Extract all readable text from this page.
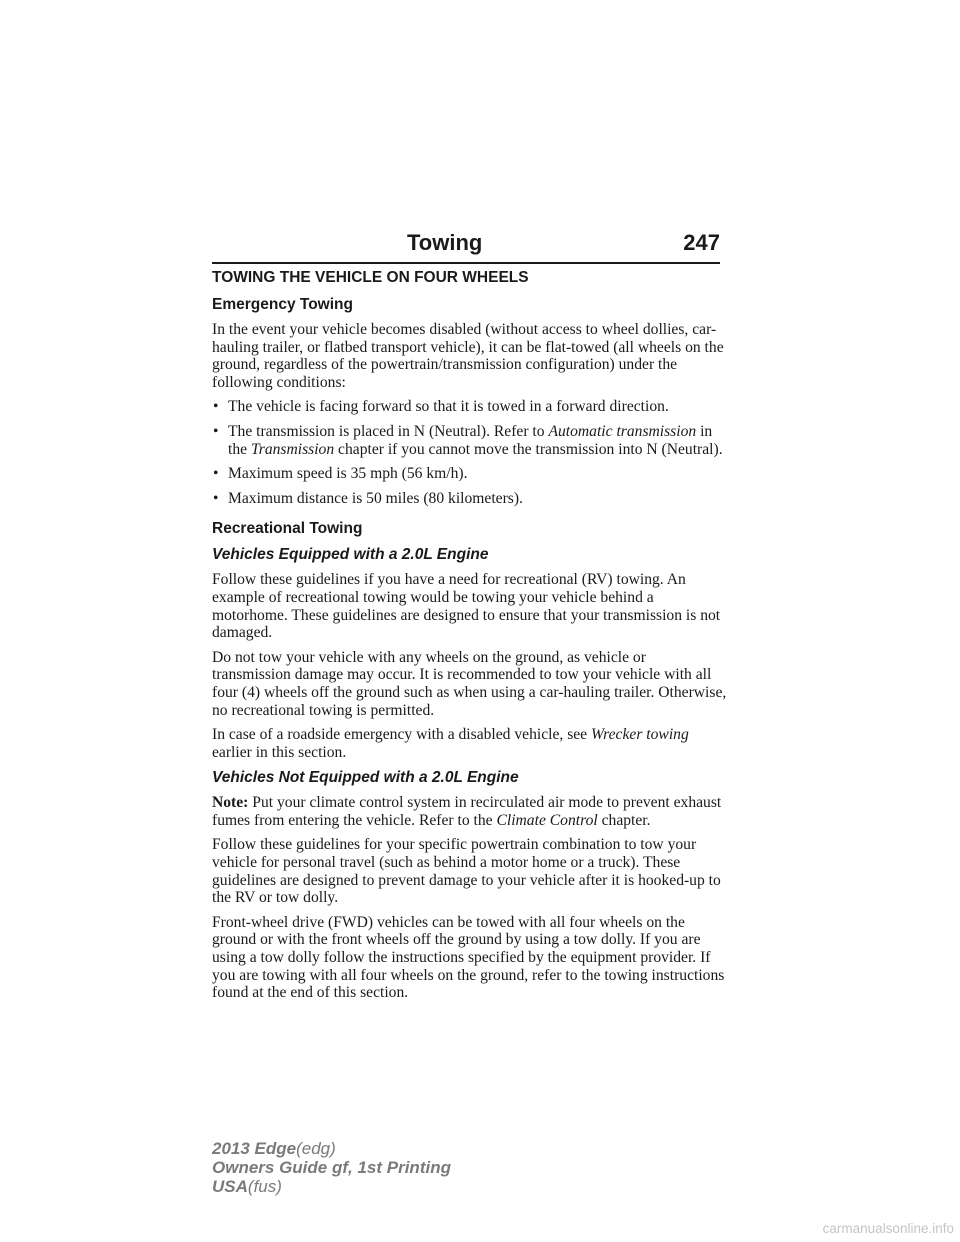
Towing	247
TOWING THE VEHICLE ON FOUR WHEELS
Emergency Towing

In the event your vehicle becomes disabled (without access to wheel dollies, car-hauling trailer, or flatbed transport vehicle), it can be flat-towed (all wheels on the ground, regardless of the powertrain/transmission configuration) under the following conditions:

• The vehicle is facing forward so that it is towed in a forward direction.
• The transmission is placed in N (Neutral). Refer to Automatic transmission in the Transmission chapter if you cannot move the transmission into N (Neutral).
• Maximum speed is 35 mph (56 km/h).
• Maximum distance is 50 miles (80 kilometers).
Recreational Towing
Vehicles Equipped with a 2.0L Engine

Follow these guidelines if you have a need for recreational (RV) towing. An example of recreational towing would be towing your vehicle behind a motorhome. These guidelines are designed to ensure that your transmission is not damaged.

Do not tow your vehicle with any wheels on the ground, as vehicle or transmission damage may occur. It is recommended to tow your vehicle with all four (4) wheels off the ground such as when using a car-hauling trailer. Otherwise, no recreational towing is permitted.

In case of a roadside emergency with a disabled vehicle, see Wrecker towing earlier in this section.

Vehicles Not Equipped with a 2.0L Engine

Note: Put your climate control system in recirculated air mode to prevent exhaust fumes from entering the vehicle. Refer to the Climate Control chapter.

Follow these guidelines for your specific powertrain combination to tow your vehicle for personal travel (such as behind a motor home or a truck). These guidelines are designed to prevent damage to your vehicle after it is hooked-up to the RV or tow dolly.

Front-wheel drive (FWD) vehicles can be towed with all four wheels on the ground or with the front wheels off the ground by using a tow dolly. If you are using a tow dolly follow the instructions specified by the equipment provider. If you are towing with all four wheels on the ground, refer to the towing instructions found at the end of this section.

2013 Edge(edg)
Owners Guide gf, 1st Printing
USA(fus)
carmanualsonline.info
